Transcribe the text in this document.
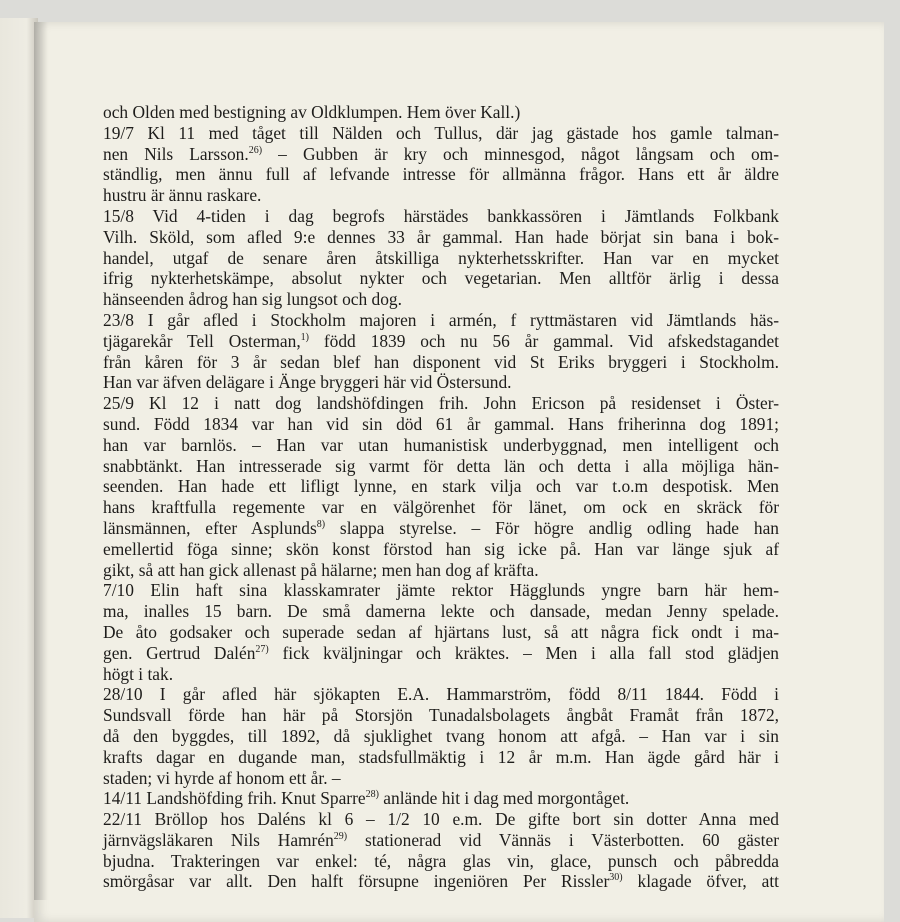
och Olden med bestigning av Oldklumpen. Hem över Kall.)
19/7 Kl 11 med tåget till Nälden och Tullus, där jag gästade hos gamle talman-
nen Nils Larsson.$^{26)}$ – Gubben är kry och minnesgod, något långsam och om-
ständlig, men ännu full af lefvande intresse för allmänna frågor. Hans ett år äldre
hustru är ännu raskare.
15/8 Vid 4-tiden i dag begrofs härstädes bankkassören i Jämtlands Folkbank
Vilh. Sköld, som afled 9:e dennes 33 år gammal. Han hade börjat sin bana i bok-
handel, utgaf de senare åren åtskilliga nykterhetsskrifter. Han var en mycket
ifrig nykterhetskämpe, absolut nykter och vegetarian. Men alltför ärlig i dessa
hänseenden ådrog han sig lungsot och dog.
23/8 I går afled i Stockholm majoren i armén, f ryttmästaren vid Jämtlands häs-
tjägarekår Tell Osterman,$^{1)}$ född 1839 och nu 56 år gammal. Vid afskedstagandet
från kåren för 3 år sedan blef han disponent vid St Eriks bryggeri i Stockholm.
Han var äfven delägare i Änge bryggeri här vid Östersund.
25/9 Kl 12 i natt dog landshöfdingen frih. John Ericson på residenset i Öster-
sund. Född 1834 var han vid sin död 61 år gammal. Hans friherinna dog 1891;
han var barnlös. – Han var utan humanistisk underbyggnad, men intelligent och
snabbtänkt. Han intresserade sig varmt för detta län och detta i alla möjliga hän-
seenden. Han hade ett lifligt lynne, en stark vilja och var t.o.m despotisk. Men
hans kraftfulla regemente var en välgörenhet för länet, om ock en skräck för
länsmännen, efter Asplunds$^{8)}$ slappa styrelse. – För högre andlig odling hade han
emellertid föga sinne; skön konst förstod han sig icke på. Han var länge sjuk af
gikt, så att han gick allenast på hälarne; men han dog af kräfta.
7/10 Elin haft sina klasskamrater jämte rektor Hägglunds yngre barn här hem-
ma, inalles 15 barn. De små damerna lekte och dansade, medan Jenny spelade.
De åto godsaker och superade sedan af hjärtans lust, så att några fick ondt i ma-
gen. Gertrud Dalén$^{27)}$ fick kväljningar och kräktes. – Men i alla fall stod glädjen
högt i tak.
28/10 I går afled här sjökapten E.A. Hammarström, född 8/11 1844. Född i
Sundsvall förde han här på Storsjön Tunadalsbolagets ångbåt Framåt från 1872,
då den byggdes, till 1892, då sjuklighet tvang honom att afgå. – Han var i sin
krafts dagar en dugande man, stadsfullmäktig i 12 år m.m. Han ägde gård här i
staden; vi hyrde af honom ett år. –
14/11 Landshöfding frih. Knut Sparre$^{28)}$ anlände hit i dag med morgontåget.
22/11 Bröllop hos Daléns kl 6 – 1/2 10 e.m. De gifte bort sin dotter Anna med
järnvägsläkaren Nils Hamrén$^{29)}$ stationerad vid Vännäs i Västerbotten. 60 gäster
bjudna. Trakteringen var enkel: té, några glas vin, glace, punsch och påbredda
smörgåsar var allt. Den halft försupne ingeniören Per Rissler$^{30)}$ klagade öfver, att
